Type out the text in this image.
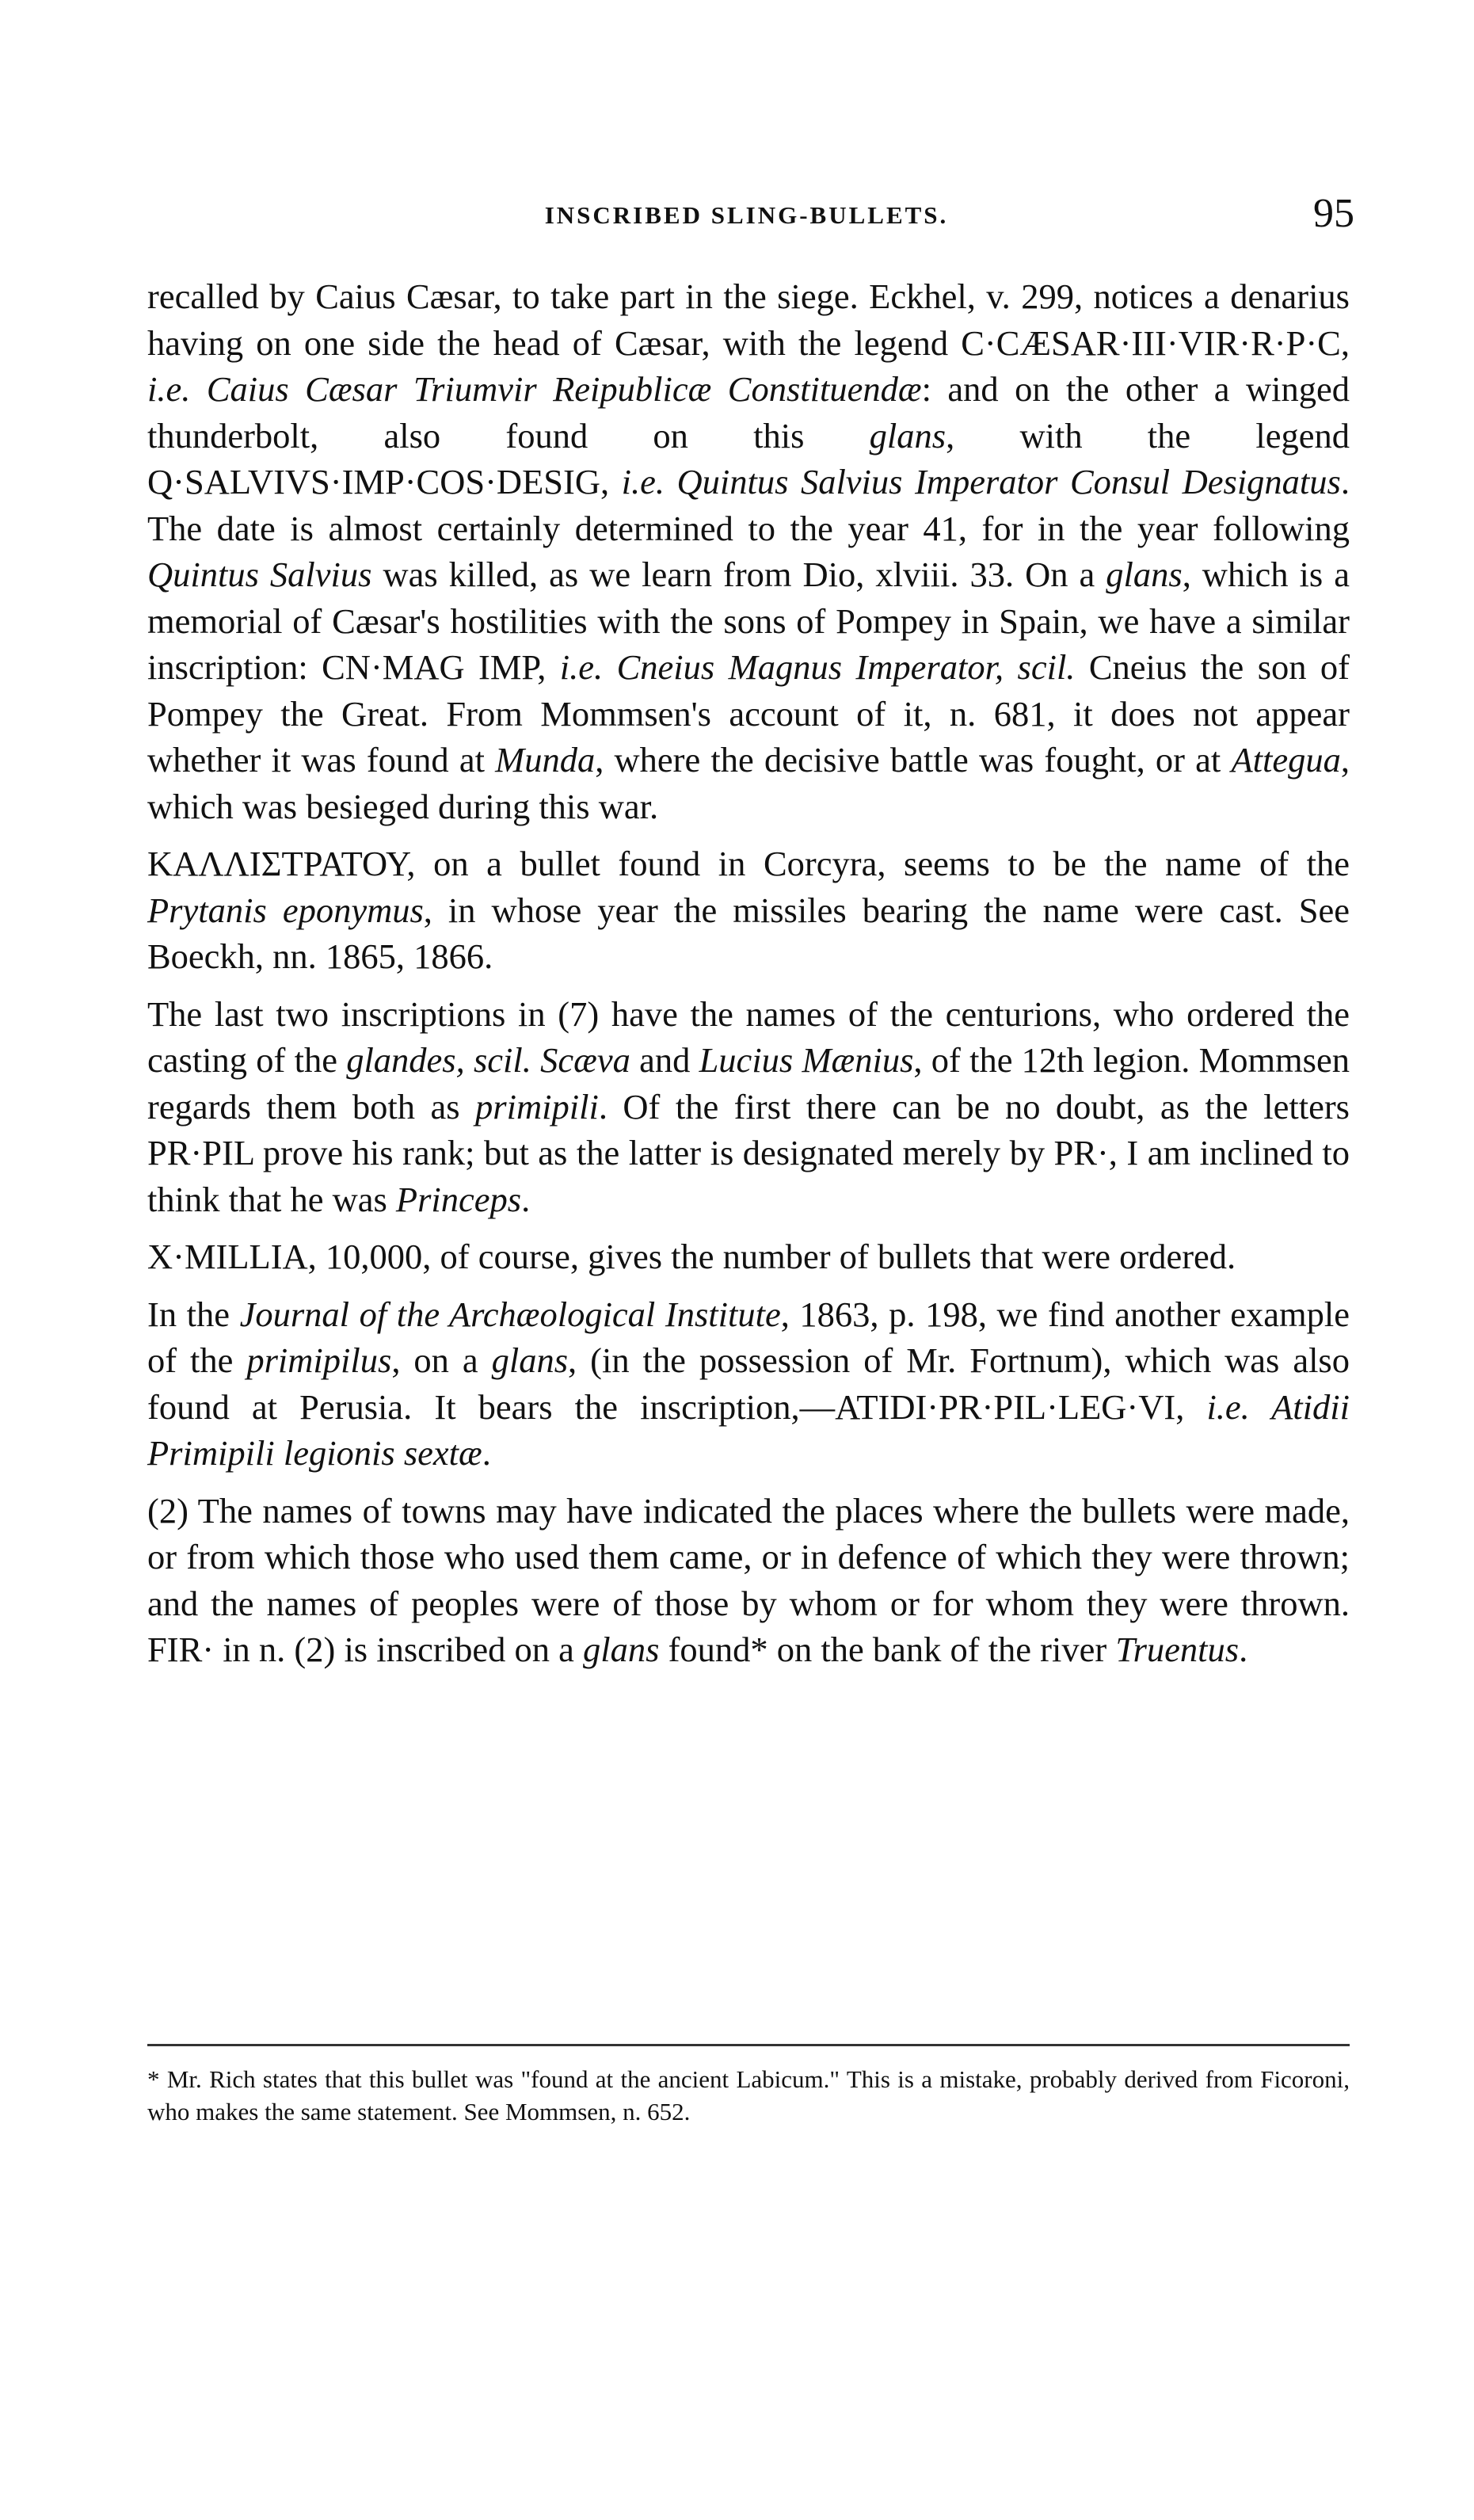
INSCRIBED SLING-BULLETS.	95

recalled by Caius Cæsar, to take part in the siege. Eckhel, v. 299, notices a denarius having on one side the head of Cæsar, with the legend C·CÆSAR·III·VIR·R·P·C, i.e. Caius Cæsar Triumvir Reipublicæ Constituendæ: and on the other a winged thunderbolt, also found on this glans, with the legend Q·SALVIVS·IMP·COS·DESIG, i.e. Quintus Salvius Imperator Consul Designatus. The date is almost certainly determined to the year 41, for in the year following Quintus Salvius was killed, as we learn from Dio, xlviii. 33. On a glans, which is a memorial of Cæsar's hostilities with the sons of Pompey in Spain, we have a similar inscription: CN·MAG IMP, i.e. Cneius Magnus Imperator, scil. Cneius the son of Pompey the Great. From Mommsen's account of it, n. 681, it does not appear whether it was found at Munda, where the decisive battle was fought, or at Attegua, which was besieged during this war.

ΚΑΛΛΙΣΤΡΑΤΟΥ, on a bullet found in Corcyra, seems to be the name of the Prytanis eponymus, in whose year the missiles bearing the name were cast. See Boeckh, nn. 1865, 1866.

The last two inscriptions in (7) have the names of the centurions, who ordered the casting of the glandes, scil. Scæva and Lucius Mænius, of the 12th legion. Mommsen regards them both as primipili. Of the first there can be no doubt, as the letters PR·PIL prove his rank; but as the latter is designated merely by PR·, I am inclined to think that he was Princeps.

X·MILLIA, 10,000, of course, gives the number of bullets that were ordered.

In the Journal of the Archæological Institute, 1863, p. 198, we find another example of the primipilus, on a glans, (in the possession of Mr. Fortnum), which was also found at Perusia. It bears the inscription,—ATIDI·PR·PIL·LEG·VI, i.e. Atidii Primipili legionis sextæ.

(2) The names of towns may have indicated the places where the bullets were made, or from which those who used them came, or in defence of which they were thrown; and the names of peoples were of those by whom or for whom they were thrown. FIR· in n. (2) is inscribed on a glans found* on the bank of the river Truentus.

* Mr. Rich states that this bullet was "found at the ancient Labicum." This is a mistake, probably derived from Ficoroni, who makes the same statement. See Mommsen, n. 652.
